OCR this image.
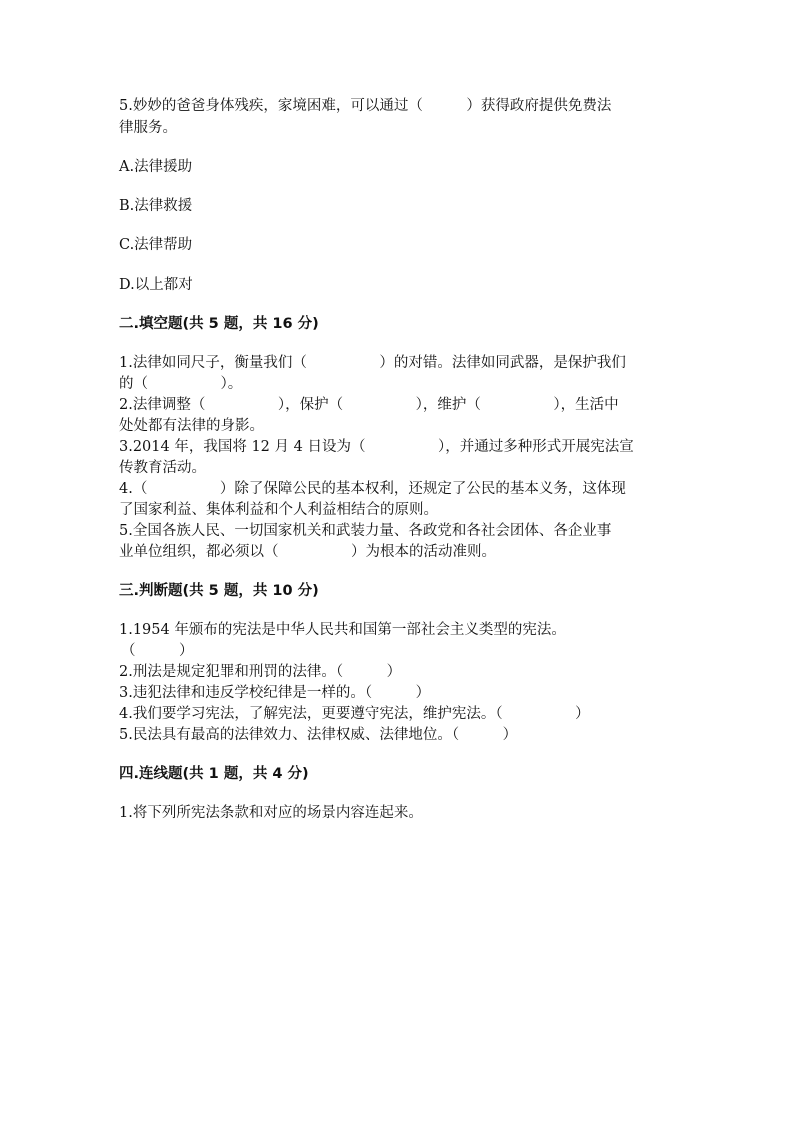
5.妙妙的爸爸身体残疾，家境困难，可以通过（　　　）获得政府提供免费法
律服务。
A.法律援助
B.法律救援
C.法律帮助
D.以上都对
二.填空题(共 5 题，共 16 分)
1.法律如同尺子，衡量我们（　　　　　）的对错。法律如同武器，是保护我们
的（　　　　　）。
2.法律调整（　　　　　），保护（　　　　　），维护（　　　　　），生活中
处处都有法律的身影。
3.2014 年，我国将 12 月 4 日设为（　　　　　），并通过多种形式开展宪法宣
传教育活动。
4.（　　　　　）除了保障公民的基本权利，还规定了公民的基本义务，这体现
了国家利益、集体利益和个人利益相结合的原则。
5.全国各族人民、一切国家机关和武装力量、各政党和各社会团体、各企业事
业单位组织，都必须以（　　　　　）为根本的活动准则。
三.判断题(共 5 题，共 10 分)
1.1954 年颁布的宪法是中华人民共和国第一部社会主义类型的宪法。
（　　　）
2.刑法是规定犯罪和刑罚的法律。（　　　）
3.违犯法律和违反学校纪律是一样的。（　　　）
4.我们要学习宪法，了解宪法，更要遵守宪法，维护宪法。（　　　　　）
5.民法具有最高的法律效力、法律权威、法律地位。（　　　）
四.连线题(共 1 题，共 4 分)
1.将下列所宪法条款和对应的场景内容连起来。
